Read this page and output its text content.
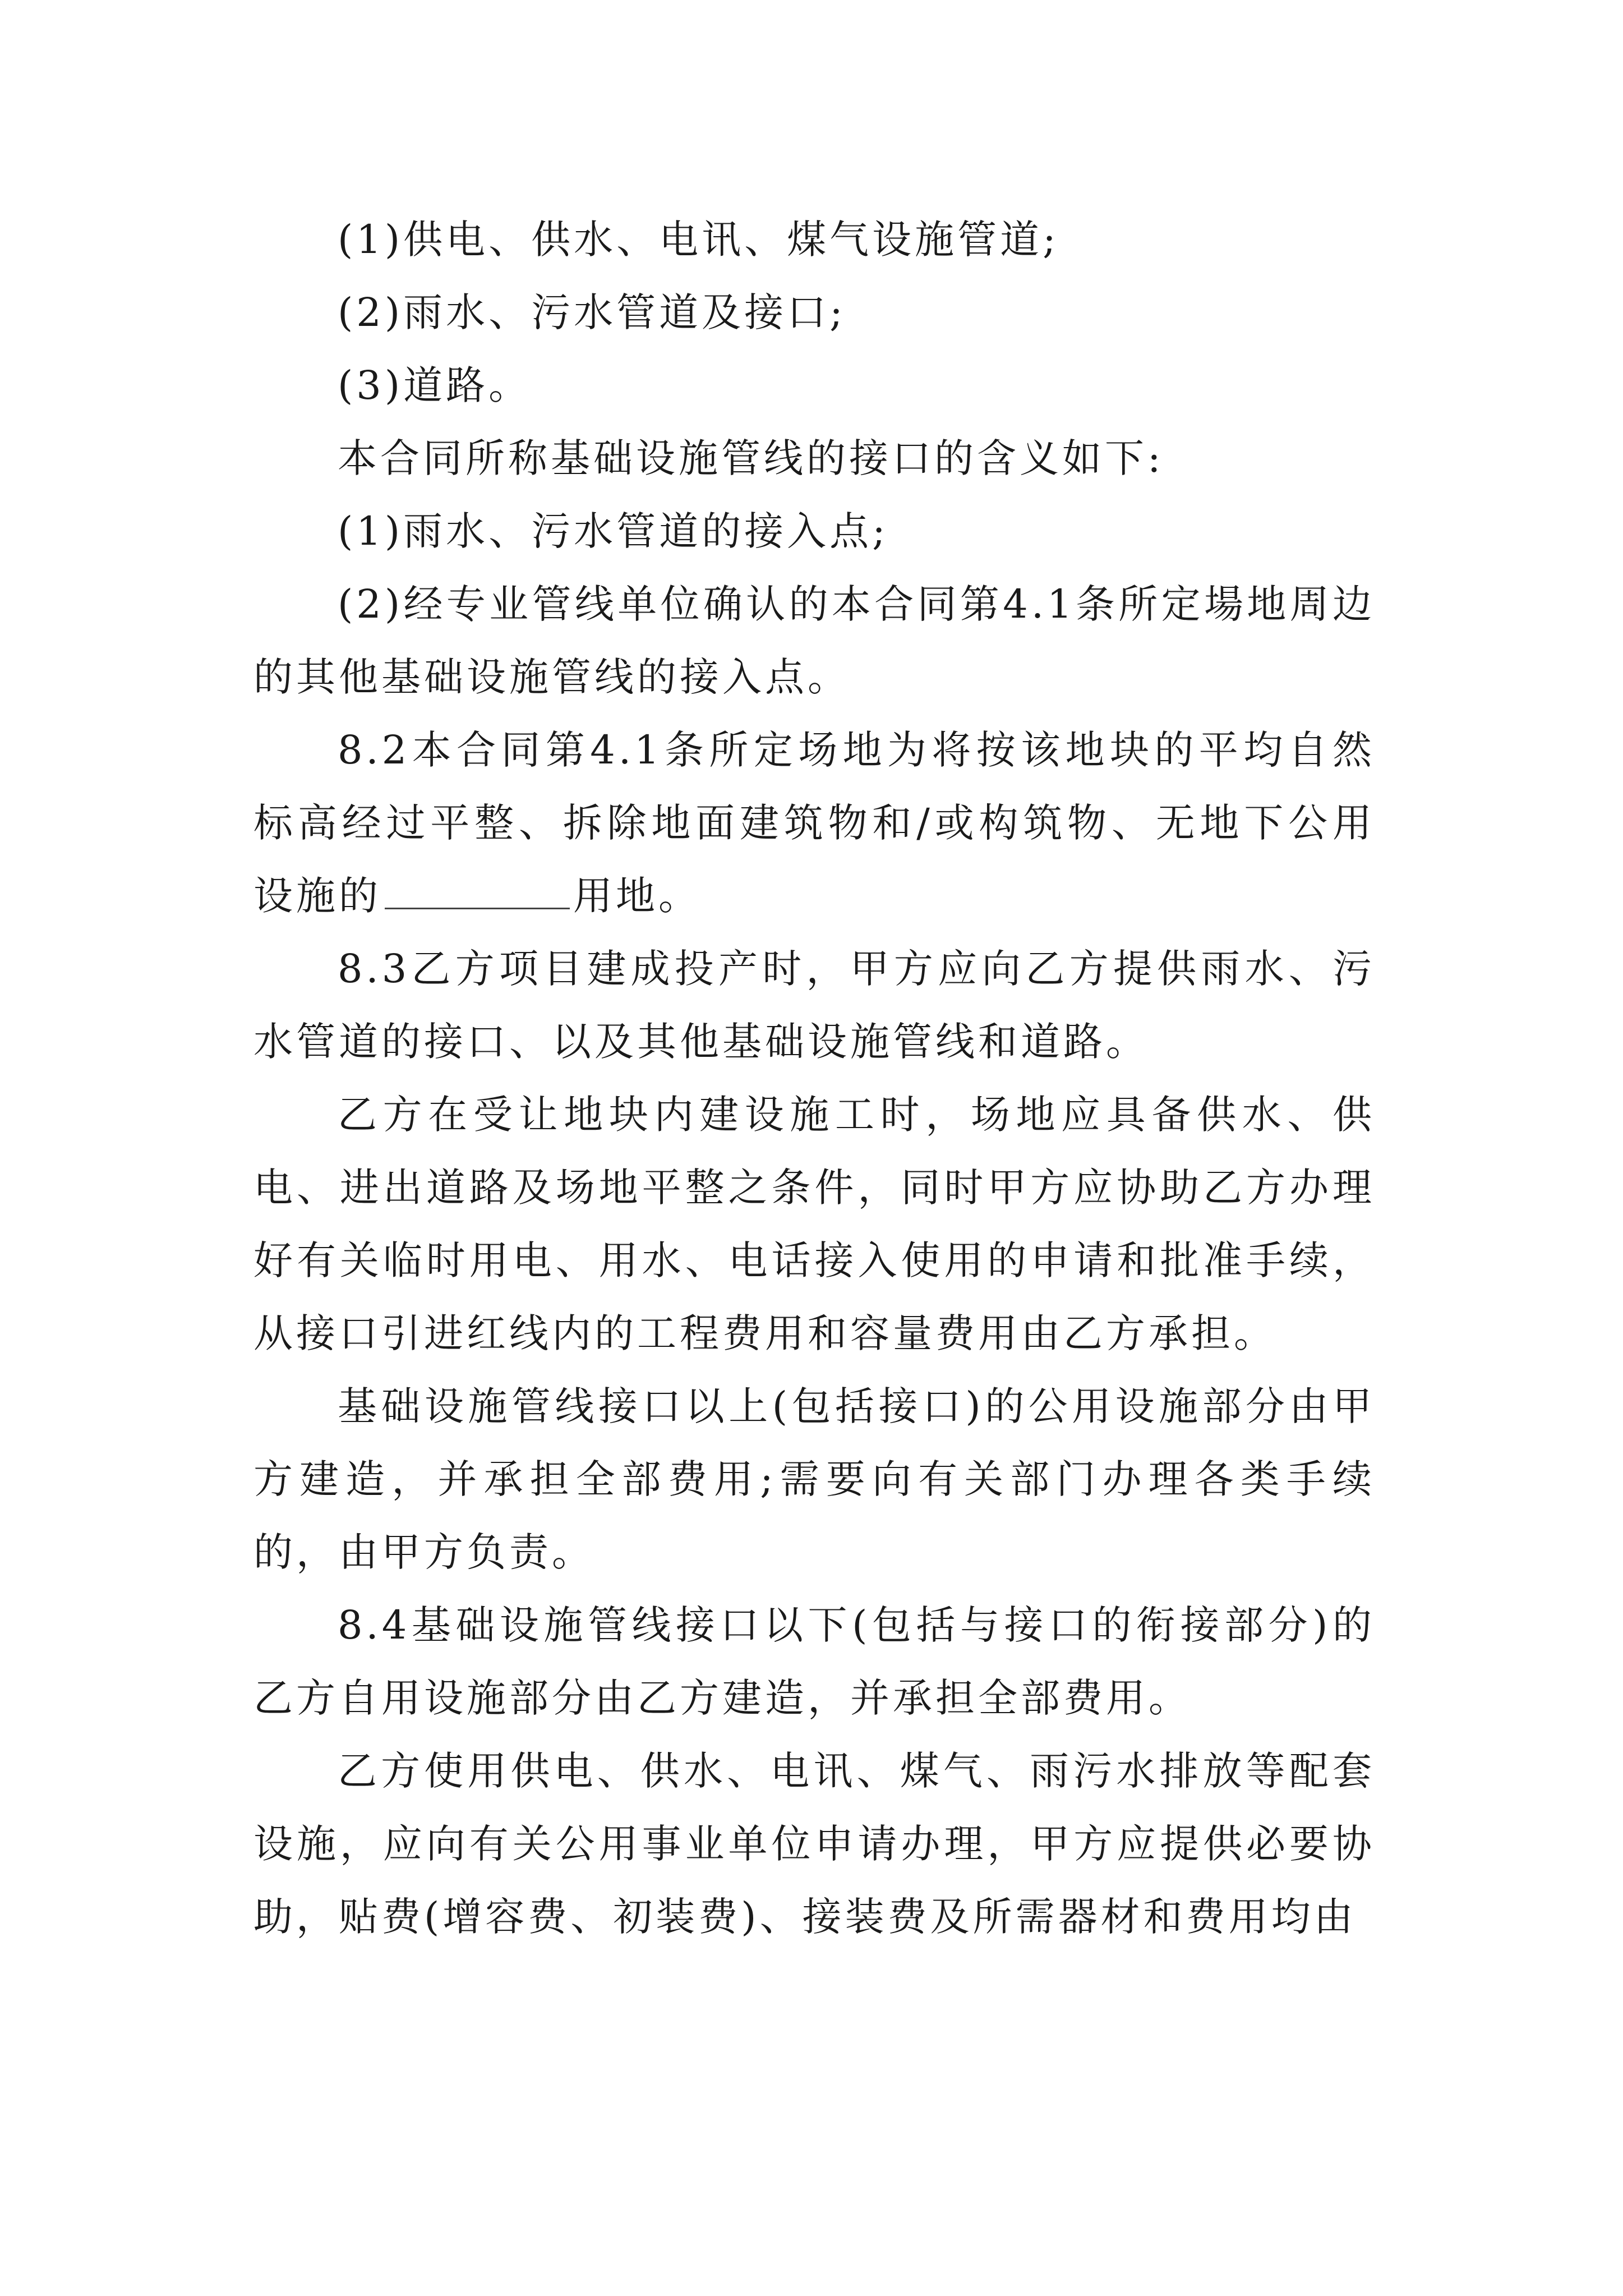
(1)供电、供水、电讯、煤气设施管道;

(2)雨水、污水管道及接口;

(3)道路。

本合同所称基础设施管线的接口的含义如下:

(1)雨水、污水管道的接入点;

(2)经专业管线单位确认的本合同第4.1条所定場地周边的其他基础设施管线的接入点。

8.2本合同第4.1条所定场地为将按该地块的平均自然标高经过平整、拆除地面建筑物和/或构筑物、无地下公用设施的	用地。

8.3乙方项目建成投产时，甲方应向乙方提供雨水、污水管道的接口、以及其他基础设施管线和道路。

乙方在受让地块内建设施工时，场地应具备供水、供电、进出道路及场地平整之条件，同时甲方应协助乙方办理好有关临时用电、用水、电话接入使用的申请和批准手续，从接口引进红线内的工程费用和容量费用由乙方承担。

基础设施管线接口以上(包括接口)的公用设施部分由甲方建造，并承担全部费用;需要向有关部门办理各类手续的，由甲方负责。

8.4基础设施管线接口以下(包括与接口的衔接部分)的乙方自用设施部分由乙方建造，并承担全部费用。

乙方使用供电、供水、电讯、煤气、雨污水排放等配套设施，应向有关公用事业单位申请办理，甲方应提供必要协助，贴费(增容费、初装费)、接装费及所需器材和费用均由
